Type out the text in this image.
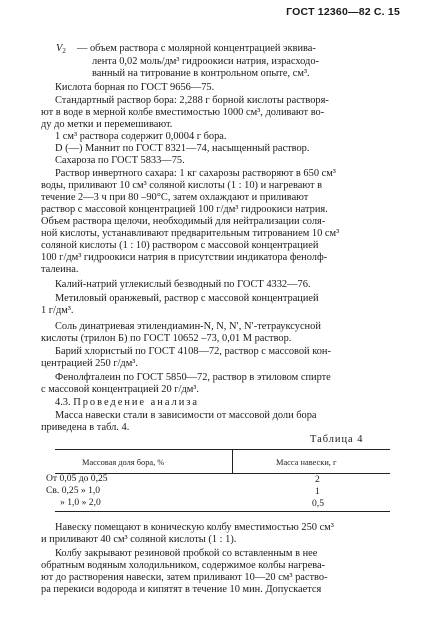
ГОСТ 12360—82 С. 15
$V_2$ — объем раствора с молярной концентрацией эквива-
лента 0,02 моль/дм³ гидроокиси натрия, израсходо-
ванный на титрование в контрольном опыте, см³.
Кислота борная по ГОСТ 9656—75.
Стандартный раствор бора: 2,288 г борной кислоты растворя-
ют в воде в мерной колбе вместимостью 1000 см³, доливают во-
ду до метки и перемешивают.
1 см³ раствора содержит 0,0004 г бора.
D (—) Маннит по ГОСТ 8321—74, насыщенный раствор.
Сахароза по ГОСТ 5833—75.
Раствор инвертного сахара: 1 кг сахарозы растворяют в 650 см³
воды, приливают 10 см³ соляной кислоты (1 : 10) и нагревают в
течение 2—3 ч при 80 –90°С, затем охлаждают и приливают
раствор с массовой концентрацией 100 г/дм³ гидроокиси натрия.
Объем раствора щелочи, необходимый для нейтрализации соля-
ной кислоты, устанавливают предварительным титрованием 10 см³
соляной кислоты (1 : 10) раствором с массовой концентрацией
100 г/дм³ гидроокиси натрия в присутствии индикатора фенолф-
талеина.
Калий-натрий углекислый безводный по ГОСТ 4332—76.
Метиловый оранжевый, раствор с массовой концентрацией
1 г/дм³.
Соль динатриевая этилендиамин-N, N, N′, N′-тетрауксусной
кислоты (трилон Б) по ГОСТ 10652 –73, 0,01 М раствор.
Барий хлористый по ГОСТ 4108—72, раствор с массовой кон-
центрацией 250 г/дм³.
Фенолфталеин по ГОСТ 5850—72, раствор в этиловом спирте
с массовой концентрацией 20 г/дм³.
4.3. Проведение анализа
Масса навески стали в зависимости от массовой доли бора
приведена в табл. 4.
Таблица 4
Массовая доля бора, %	Масса навески, г
От 0,05 до 0,25	2
Св. 0,25 » 1,0	1
» 1,0 » 2,0	0,5
Навеску помещают в коническую колбу вместимостью 250 см³
и приливают 40 см³ соляной кислоты (1 : 1).
Колбу закрывают резиновой пробкой со вставленным в нее
обратным водяным холодильником, содержимое колбы нагрева-
ют до растворения навески, затем приливают 10—20 см³ раство-
ра перекиси водорода и кипятят в течение 10 мин. Допускается
